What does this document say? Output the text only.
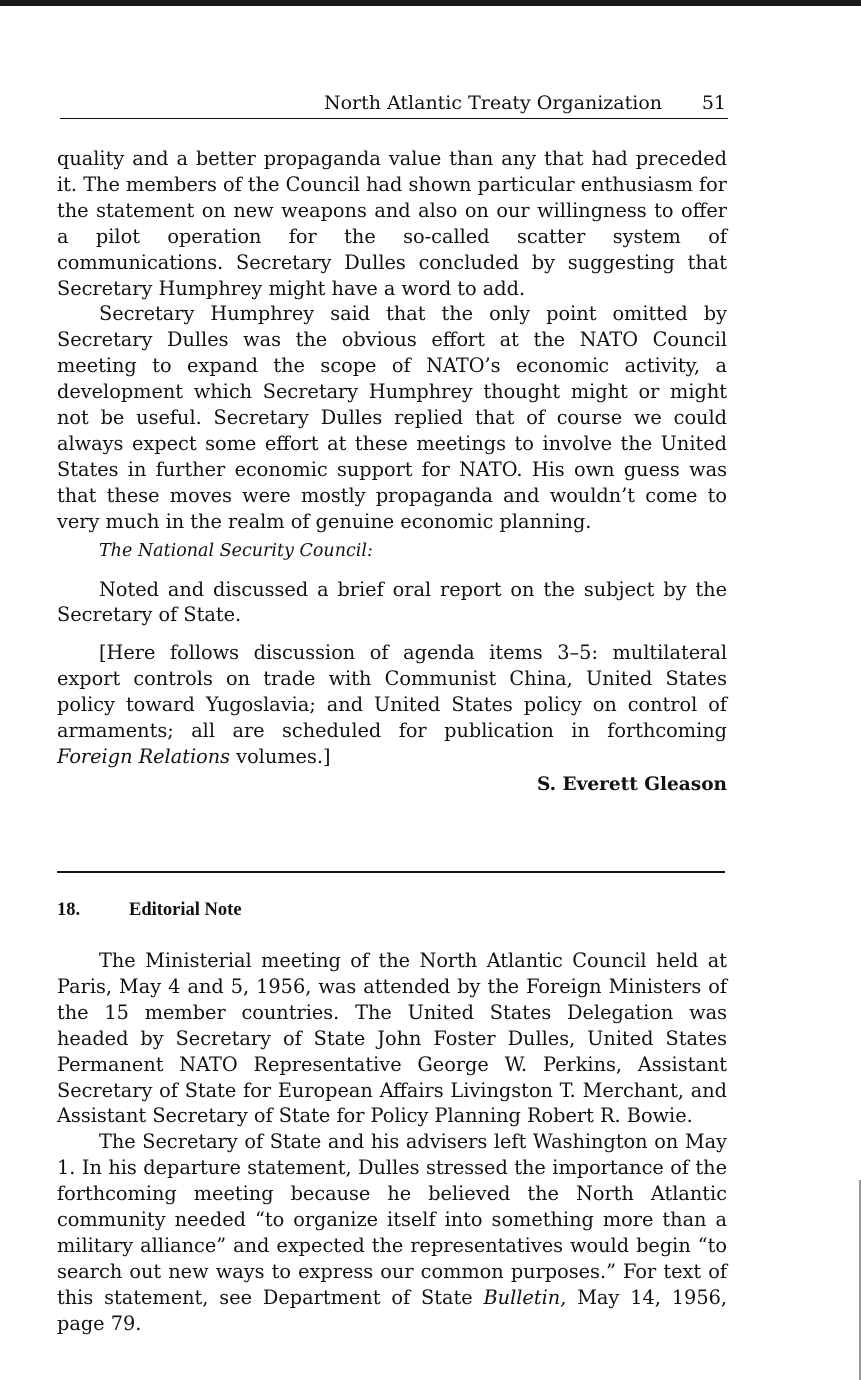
North Atlantic Treaty Organization 51

quality and a better propaganda value than any that had preceded it. The members of the Council had shown particular enthusiasm for the statement on new weapons and also on our willingness to offer a pilot operation for the so-called scatter system of communications. Secretary Dulles concluded by suggesting that Secretary Humphrey might have a word to add.

Secretary Humphrey said that the only point omitted by Secretary Dulles was the obvious effort at the NATO Council meeting to expand the scope of NATO’s economic activity, a development which Secretary Humphrey thought might or might not be useful. Secretary Dulles replied that of course we could always expect some effort at these meetings to involve the United States in further economic support for NATO. His own guess was that these moves were mostly propaganda and wouldn’t come to very much in the realm of genuine economic planning.

The National Security Council:

Noted and discussed a brief oral report on the subject by the Secretary of State.

[Here follows discussion of agenda items 3–5: multilateral export controls on trade with Communist China, United States policy toward Yugoslavia; and United States policy on control of armaments; all are scheduled for publication in forthcoming Foreign Relations volumes.]

S. Everett Gleason

18.	Editorial Note

The Ministerial meeting of the North Atlantic Council held at Paris, May 4 and 5, 1956, was attended by the Foreign Ministers of the 15 member countries. The United States Delegation was headed by Secretary of State John Foster Dulles, United States Permanent NATO Representative George W. Perkins, Assistant Secretary of State for European Affairs Livingston T. Merchant, and Assistant Secretary of State for Policy Planning Robert R. Bowie.

The Secretary of State and his advisers left Washington on May 1. In his departure statement, Dulles stressed the importance of the forthcoming meeting because he believed the North Atlantic community needed “to organize itself into something more than a military alliance” and expected the representatives would begin “to search out new ways to express our common purposes.” For text of this statement, see Department of State Bulletin, May 14, 1956, page 79.
